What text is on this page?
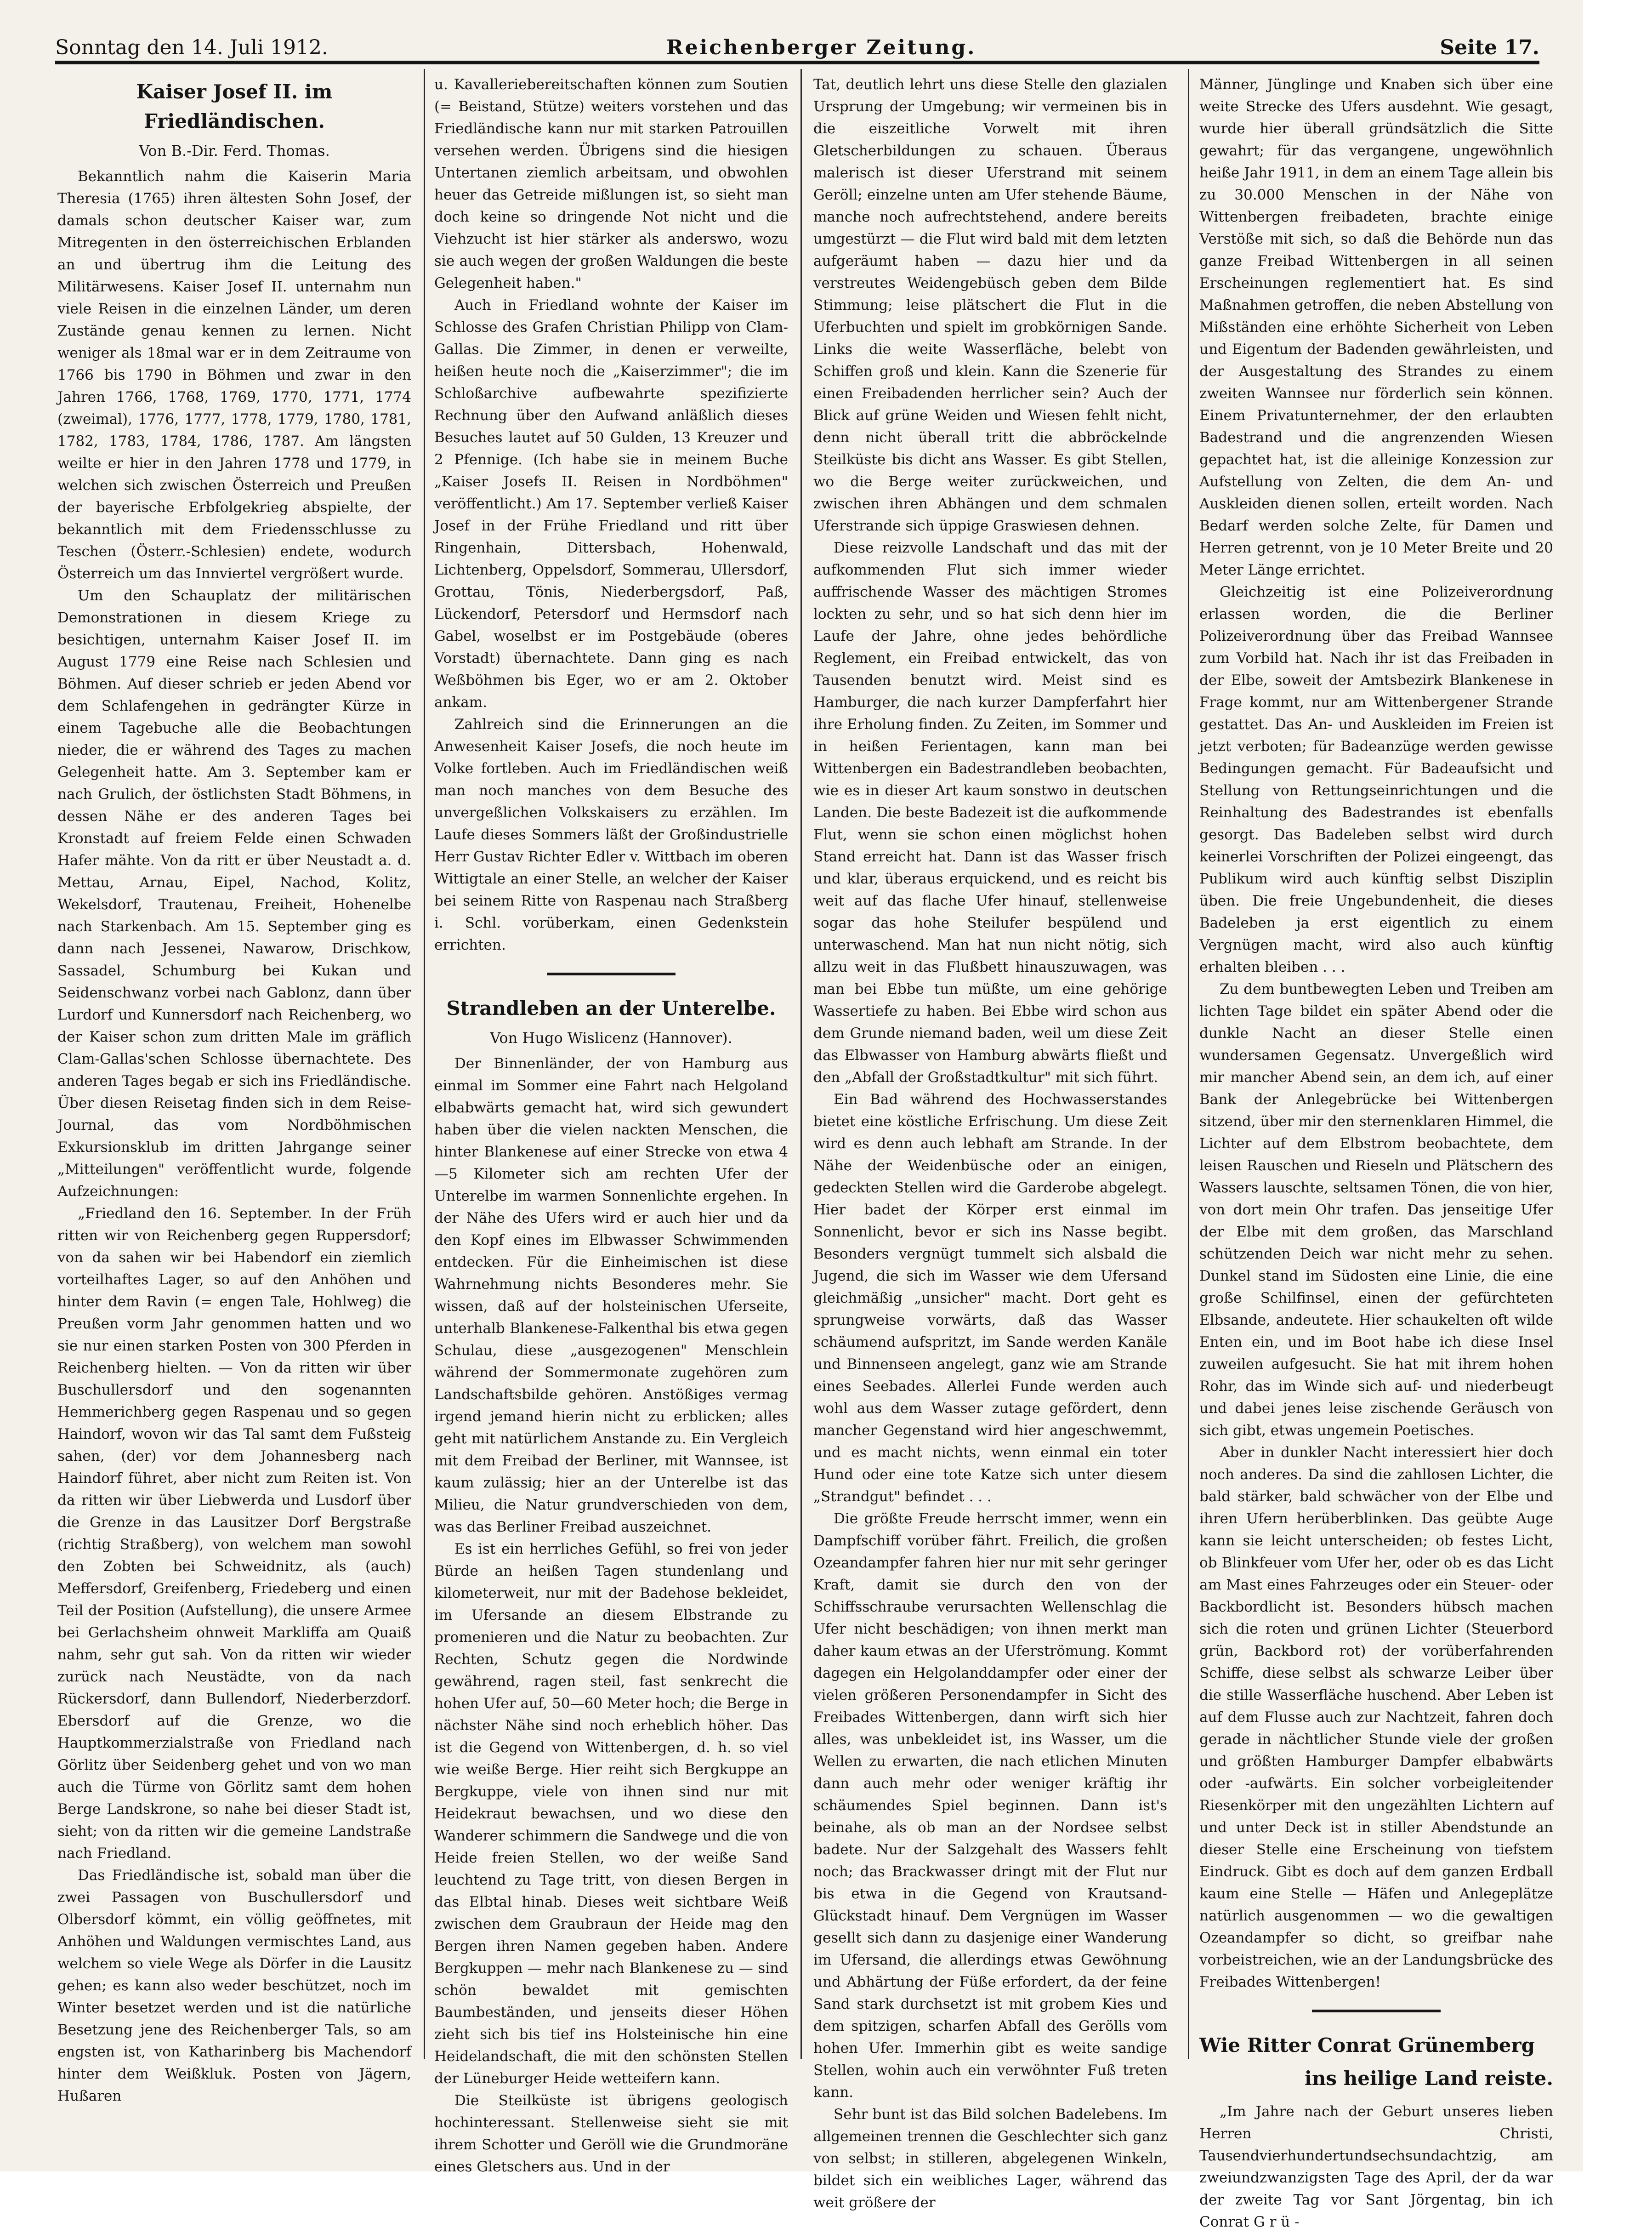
Sonntag den 14. Juli 1912.	Reichenberger Zeitung.	Seite 17.
Kaiser Josef II. im Friedländischen.
Von B.-Dir. Ferd. Thomas.

Bekanntlich nahm die Kaiserin Maria Theresia (1765) ihren ältesten Sohn Josef, der damals schon deutscher Kaiser war, zum Mitregenten in den österreichischen Erblanden an und übertrug ihm die Leitung des Militärwesens. Kaiser Josef II. unternahm nun viele Reisen in die einzelnen Länder, um deren Zustände genau kennen zu lernen. Nicht weniger als 18mal war er in dem Zeitraume von 1766 bis 1790 in Böhmen und zwar in den Jahren 1766, 1768, 1769, 1770, 1771, 1774 (zweimal), 1776, 1777, 1778, 1779, 1780, 1781, 1782, 1783, 1784, 1786, 1787. Am längsten weilte er hier in den Jahren 1778 und 1779, in welchen sich zwischen Österreich und Preußen der bayerische Erbfolgekrieg abspielte, der bekanntlich mit dem Friedensschlusse zu Teschen (Österr.-Schlesien) endete, wodurch Österreich um das Innviertel vergrößert wurde.

Um den Schauplatz der militärischen Demonstrationen in diesem Kriege zu besichtigen, unternahm Kaiser Josef II. im August 1779 eine Reise nach Schlesien und Böhmen. Auf dieser schrieb er jeden Abend vor dem Schlafengehen in gedrängter Kürze in einem Tagebuche alle die Beobachtungen nieder, die er während des Tages zu machen Gelegenheit hatte. Am 3. September kam er nach Grulich, der östlichsten Stadt Böhmens, in dessen Nähe er des anderen Tages bei Kronstadt auf freiem Felde einen Schwaden Hafer mähte. Von da ritt er über Neustadt a. d. Mettau, Arnau, Eipel, Nachod, Kolitz, Wekelsdorf, Trautenau, Freiheit, Hohenelbe nach Starkenbach. Am 15. September ging es dann nach Jessenei, Nawarow, Drischkow, Sassadel, Schumburg bei Kukan und Seidenschwanz vorbei nach Gablonz, dann über Lurdorf und Kunnersdorf nach Reichenberg, wo der Kaiser schon zum dritten Male im gräflich Clam-Gallas'schen Schlosse übernachtete. Des anderen Tages begab er sich ins Friedländische. Über diesen Reisetag finden sich in dem Reise-Journal, das vom Nordböhmischen Exkursionsklub im dritten Jahrgange seiner „Mitteilungen" veröffentlicht wurde, folgende Aufzeichnungen:

„Friedland den 16. September. In der Früh ritten wir von Reichenberg gegen Ruppersdorf; von da sahen wir bei Habendorf ein ziemlich vorteilhaftes Lager, so auf den Anhöhen und hinter dem Ravin (= engen Tale, Hohlweg) die Preußen vorm Jahr genommen hatten und wo sie nur einen starken Posten von 300 Pferden in Reichenberg hielten. — Von da ritten wir über Buschullersdorf und den sogenannten Hemmerichberg gegen Raspenau und so gegen Haindorf, wovon wir das Tal samt dem Fußsteig sahen, (der) vor dem Johannesberg nach Haindorf führet, aber nicht zum Reiten ist. Von da ritten wir über Liebwerda und Lusdorf über die Grenze in das Lausitzer Dorf Bergstraße (richtig Straßberg), von welchem man sowohl den Zobten bei Schweidnitz, als (auch) Meffersdorf, Greifenberg, Friedeberg und einen Teil der Position (Aufstellung), die unsere Armee bei Gerlachsheim ohnweit Markliffa am Quaiß nahm, sehr gut sah. Von da ritten wir wieder zurück nach Neustädte, von da nach Rückersdorf, dann Bullendorf, Niederberzdorf. Ebersdorf auf die Grenze, wo die Hauptkommerzialstraße von Friedland nach Görlitz über Seidenberg gehet und von wo man auch die Türme von Görlitz samt dem hohen Berge Landskrone, so nahe bei dieser Stadt ist, sieht; von da ritten wir die gemeine Landstraße nach Friedland.

Das Friedländische ist, sobald man über die zwei Passagen von Buschullersdorf und Olbersdorf kömmt, ein völlig geöffnetes, mit Anhöhen und Waldungen vermischtes Land, aus welchem so viele Wege als Dörfer in die Lausitz gehen; es kann also weder beschützet, noch im Winter besetzet werden und ist die natürliche Besetzung jene des Reichenberger Tals, so am engsten ist, von Katharinberg bis Machendorf hinter dem Weißkluk. Posten von Jägern, Hußaren

u. Kavalleriebereitschaften können zum Soutien (= Beistand, Stütze) weiters vorstehen und das Friedländische kann nur mit starken Patrouillen versehen werden. Übrigens sind die hiesigen Untertanen ziemlich arbeitsam, und obwohlen heuer das Getreide mißlungen ist, so sieht man doch keine so dringende Not nicht und die Viehzucht ist hier stärker als anderswo, wozu sie auch wegen der großen Waldungen die beste Gelegenheit haben."

Auch in Friedland wohnte der Kaiser im Schlosse des Grafen Christian Philipp von Clam-Gallas. Die Zimmer, in denen er verweilte, heißen heute noch die „Kaiserzimmer"; die im Schloßarchive aufbewahrte spezifizierte Rechnung über den Aufwand anläßlich dieses Besuches lautet auf 50 Gulden, 13 Kreuzer und 2 Pfennige. (Ich habe sie in meinem Buche „Kaiser Josefs II. Reisen in Nordböhmen" veröffentlicht.) Am 17. September verließ Kaiser Josef in der Frühe Friedland und ritt über Ringenhain, Dittersbach, Hohenwald, Lichtenberg, Oppelsdorf, Sommerau, Ullersdorf, Grottau, Tönis, Niederbergsdorf, Paß, Lückendorf, Petersdorf und Hermsdorf nach Gabel, woselbst er im Postgebäude (oberes Vorstadt) übernachtete. Dann ging es nach Weßböhmen bis Eger, wo er am 2. Oktober ankam.

Zahlreich sind die Erinnerungen an die Anwesenheit Kaiser Josefs, die noch heute im Volke fortleben. Auch im Friedländischen weiß man noch manches von dem Besuche des unvergeßlichen Volkskaisers zu erzählen. Im Laufe dieses Sommers läßt der Großindustrielle Herr Gustav Richter Edler v. Wittbach im oberen Wittigtale an einer Stelle, an welcher der Kaiser bei seinem Ritte von Raspenau nach Straßberg i. Schl. vorüberkam, einen Gedenkstein errichten.

Strandleben an der Unterelbe.
Von Hugo Wislicenz (Hannover).

Der Binnenländer, der von Hamburg aus einmal im Sommer eine Fahrt nach Helgoland elbabwärts gemacht hat, wird sich gewundert haben über die vielen nackten Menschen, die hinter Blankenese auf einer Strecke von etwa 4—5 Kilometer sich am rechten Ufer der Unterelbe im warmen Sonnenlichte ergehen. In der Nähe des Ufers wird er auch hier und da den Kopf eines im Elbwasser Schwimmenden entdecken. Für die Einheimischen ist diese Wahrnehmung nichts Besonderes mehr. Sie wissen, daß auf der holsteinischen Uferseite, unterhalb Blankenese-Falkenthal bis etwa gegen Schulau, diese „ausgezogenen" Menschlein während der Sommermonate zugehören zum Landschaftsbilde gehören. Anstößiges vermag irgend jemand hierin nicht zu erblicken; alles geht mit natürlichem Anstande zu. Ein Vergleich mit dem Freibad der Berliner, mit Wannsee, ist kaum zulässig; hier an der Unterelbe ist das Milieu, die Natur grundverschieden von dem, was das Berliner Freibad auszeichnet.

Es ist ein herrliches Gefühl, so frei von jeder Bürde an heißen Tagen stundenlang und kilometerweit, nur mit der Badehose bekleidet, im Ufersande an diesem Elbstrande zu promenieren und die Natur zu beobachten. Zur Rechten, Schutz gegen die Nordwinde gewährend, ragen steil, fast senkrecht die hohen Ufer auf, 50—60 Meter hoch; die Berge in nächster Nähe sind noch erheblich höher. Das ist die Gegend von Wittenbergen, d. h. so viel wie weiße Berge. Hier reiht sich Bergkuppe an Bergkuppe, viele von ihnen sind nur mit Heidekraut bewachsen, und wo diese den Wanderer schimmern die Sandwege und die von Heide freien Stellen, wo der weiße Sand leuchtend zu Tage tritt, von diesen Bergen in das Elbtal hinab. Dieses weit sichtbare Weiß zwischen dem Graubraun der Heide mag den Bergen ihren Namen gegeben haben. Andere Bergkuppen — mehr nach Blankenese zu — sind schön bewaldet mit gemischten Baumbeständen, und jenseits dieser Höhen zieht sich bis tief ins Holsteinische hin eine Heidelandschaft, die mit den schönsten Stellen der Lüneburger Heide wetteifern kann.

Die Steilküste ist übrigens geologisch hochinteressant. Stellenweise sieht sie mit ihrem Schotter und Geröll wie die Grundmoräne eines Gletschers aus. Und in der

Tat, deutlich lehrt uns diese Stelle den glazialen Ursprung der Umgebung; wir vermeinen bis in die eiszeitliche Vorwelt mit ihren Gletscherbildungen zu schauen. Überaus malerisch ist dieser Uferstrand mit seinem Geröll; einzelne unten am Ufer stehende Bäume, manche noch aufrechtstehend, andere bereits umgestürzt — die Flut wird bald mit dem letzten aufgeräumt haben — dazu hier und da verstreutes Weidengebüsch geben dem Bilde Stimmung; leise plätschert die Flut in die Uferbuchten und spielt im grobkörnigen Sande. Links die weite Wasserfläche, belebt von Schiffen groß und klein. Kann die Szenerie für einen Freibadenden herrlicher sein? Auch der Blick auf grüne Weiden und Wiesen fehlt nicht, denn nicht überall tritt die abbröckelnde Steilküste bis dicht ans Wasser. Es gibt Stellen, wo die Berge weiter zurückweichen, und zwischen ihren Abhängen und dem schmalen Uferstrande sich üppige Graswiesen dehnen.

Diese reizvolle Landschaft und das mit der aufkommenden Flut sich immer wieder auffrischende Wasser des mächtigen Stromes lockten zu sehr, und so hat sich denn hier im Laufe der Jahre, ohne jedes behördliche Reglement, ein Freibad entwickelt, das von Tausenden benutzt wird. Meist sind es Hamburger, die nach kurzer Dampferfahrt hier ihre Erholung finden. Zu Zeiten, im Sommer und in heißen Ferientagen, kann man bei Wittenbergen ein Badestrandleben beobachten, wie es in dieser Art kaum sonstwo in deutschen Landen. Die beste Badezeit ist die aufkommende Flut, wenn sie schon einen möglichst hohen Stand erreicht hat. Dann ist das Wasser frisch und klar, überaus erquickend, und es reicht bis weit auf das flache Ufer hinauf, stellenweise sogar das hohe Steilufer bespülend und unterwaschend. Man hat nun nicht nötig, sich allzu weit in das Flußbett hinauszuwagen, was man bei Ebbe tun müßte, um eine gehörige Wassertiefe zu haben. Bei Ebbe wird schon aus dem Grunde niemand baden, weil um diese Zeit das Elbwasser von Hamburg abwärts fließt und den „Abfall der Großstadtkultur" mit sich führt.

Ein Bad während des Hochwasserstandes bietet eine köstliche Erfrischung. Um diese Zeit wird es denn auch lebhaft am Strande. In der Nähe der Weidenbüsche oder an einigen, gedeckten Stellen wird die Garderobe abgelegt. Hier badet der Körper erst einmal im Sonnenlicht, bevor er sich ins Nasse begibt. Besonders vergnügt tummelt sich alsbald die Jugend, die sich im Wasser wie dem Ufersand gleichmäßig „unsicher" macht. Dort geht es sprungweise vorwärts, daß das Wasser schäumend aufspritzt, im Sande werden Kanäle und Binnenseen angelegt, ganz wie am Strande eines Seebades. Allerlei Funde werden auch wohl aus dem Wasser zutage gefördert, denn mancher Gegenstand wird hier angeschwemmt, und es macht nichts, wenn einmal ein toter Hund oder eine tote Katze sich unter diesem „Strandgut" befindet . . .

Die größte Freude herrscht immer, wenn ein Dampfschiff vorüber fährt. Freilich, die großen Ozeandampfer fahren hier nur mit sehr geringer Kraft, damit sie durch den von der Schiffsschraube verursachten Wellenschlag die Ufer nicht beschädigen; von ihnen merkt man daher kaum etwas an der Uferströmung. Kommt dagegen ein Helgolanddampfer oder einer der vielen größeren Personendampfer in Sicht des Freibades Wittenbergen, dann wirft sich hier alles, was unbekleidet ist, ins Wasser, um die Wellen zu erwarten, die nach etlichen Minuten dann auch mehr oder weniger kräftig ihr schäumendes Spiel beginnen. Dann ist's beinahe, als ob man an der Nordsee selbst badete. Nur der Salzgehalt des Wassers fehlt noch; das Brackwasser dringt mit der Flut nur bis etwa in die Gegend von Krautsand-Glückstadt hinauf. Dem Vergnügen im Wasser gesellt sich dann zu dasjenige einer Wanderung im Ufersand, die allerdings etwas Gewöhnung und Abhärtung der Füße erfordert, da der feine Sand stark durchsetzt ist mit grobem Kies und dem spitzigen, scharfen Abfall des Gerölls vom hohen Ufer. Immerhin gibt es weite sandige Stellen, wohin auch ein verwöhnter Fuß treten kann.

Sehr bunt ist das Bild solchen Badelebens. Im allgemeinen trennen die Geschlechter sich ganz von selbst; in stilleren, abgelegenen Winkeln, bildet sich ein weibliches Lager, während das weit größere der

Männer, Jünglinge und Knaben sich über eine weite Strecke des Ufers ausdehnt. Wie gesagt, wurde hier überall gründsätzlich die Sitte gewahrt; für das vergangene, ungewöhnlich heiße Jahr 1911, in dem an einem Tage allein bis zu 30.000 Menschen in der Nähe von Wittenbergen freibadeten, brachte einige Verstöße mit sich, so daß die Behörde nun das ganze Freibad Wittenbergen in all seinen Erscheinungen reglementiert hat. Es sind Maßnahmen getroffen, die neben Abstellung von Mißständen eine erhöhte Sicherheit von Leben und Eigentum der Badenden gewährleisten, und der Ausgestaltung des Strandes zu einem zweiten Wannsee nur förderlich sein können. Einem Privatunternehmer, der den erlaubten Badestrand und die angrenzenden Wiesen gepachtet hat, ist die alleinige Konzession zur Aufstellung von Zelten, die dem An- und Auskleiden dienen sollen, erteilt worden. Nach Bedarf werden solche Zelte, für Damen und Herren getrennt, von je 10 Meter Breite und 20 Meter Länge errichtet.

Gleichzeitig ist eine Polizeiverordnung erlassen worden, die die Berliner Polizeiverordnung über das Freibad Wannsee zum Vorbild hat. Nach ihr ist das Freibaden in der Elbe, soweit der Amtsbezirk Blankenese in Frage kommt, nur am Wittenbergener Strande gestattet. Das An- und Auskleiden im Freien ist jetzt verboten; für Badeanzüge werden gewisse Bedingungen gemacht. Für Badeaufsicht und Stellung von Rettungseinrichtungen und die Reinhaltung des Badestrandes ist ebenfalls gesorgt. Das Badeleben selbst wird durch keinerlei Vorschriften der Polizei eingeengt, das Publikum wird auch künftig selbst Disziplin üben. Die freie Ungebundenheit, die dieses Badeleben ja erst eigentlich zu einem Vergnügen macht, wird also auch künftig erhalten bleiben . . .

Zu dem buntbewegten Leben und Treiben am lichten Tage bildet ein später Abend oder die dunkle Nacht an dieser Stelle einen wundersamen Gegensatz. Unvergeßlich wird mir mancher Abend sein, an dem ich, auf einer Bank der Anlegebrücke bei Wittenbergen sitzend, über mir den sternenklaren Himmel, die Lichter auf dem Elbstrom beobachtete, dem leisen Rauschen und Rieseln und Plätschern des Wassers lauschte, seltsamen Tönen, die von hier, von dort mein Ohr trafen. Das jenseitige Ufer der Elbe mit dem großen, das Marschland schützenden Deich war nicht mehr zu sehen. Dunkel stand im Südosten eine Linie, die eine große Schilfinsel, einen der gefürchteten Elbsande, andeutete. Hier schaukelten oft wilde Enten ein, und im Boot habe ich diese Insel zuweilen aufgesucht. Sie hat mit ihrem hohen Rohr, das im Winde sich auf- und niederbeugt und dabei jenes leise zischende Geräusch von sich gibt, etwas ungemein Poetisches.

Aber in dunkler Nacht interessiert hier doch noch anderes. Da sind die zahllosen Lichter, die bald stärker, bald schwächer von der Elbe und ihren Ufern herüberblinken. Das geübte Auge kann sie leicht unterscheiden; ob festes Licht, ob Blinkfeuer vom Ufer her, oder ob es das Licht am Mast eines Fahrzeuges oder ein Steuer- oder Backbordlicht ist. Besonders hübsch machen sich die roten und grünen Lichter (Steuerbord grün, Backbord rot) der vorüberfahrenden Schiffe, diese selbst als schwarze Leiber über die stille Wasserfläche huschend. Aber Leben ist auf dem Flusse auch zur Nachtzeit, fahren doch gerade in nächtlicher Stunde viele der großen und größten Hamburger Dampfer elbabwärts oder -aufwärts. Ein solcher vorbeigleitender Riesenkörper mit den ungezählten Lichtern auf und unter Deck ist in stiller Abendstunde an dieser Stelle eine Erscheinung von tiefstem Eindruck. Gibt es doch auf dem ganzen Erdball kaum eine Stelle — Häfen und Anlegeplätze natürlich ausgenommen — wo die gewaltigen Ozeandampfer so dicht, so greifbar nahe vorbeistreichen, wie an der Landungsbrücke des Freibades Wittenbergen!

Wie Ritter Conrat Grünemberg
ins heilige Land reiste.

„Im Jahre nach der Geburt unseres lieben Herren Christi, Tausendvierhundertundsechsundachtzig, am zweiundzwanzigsten Tage des April, der da war der zweite Tag vor Sant Jörgentag, bin ich Conrat G r ü -
